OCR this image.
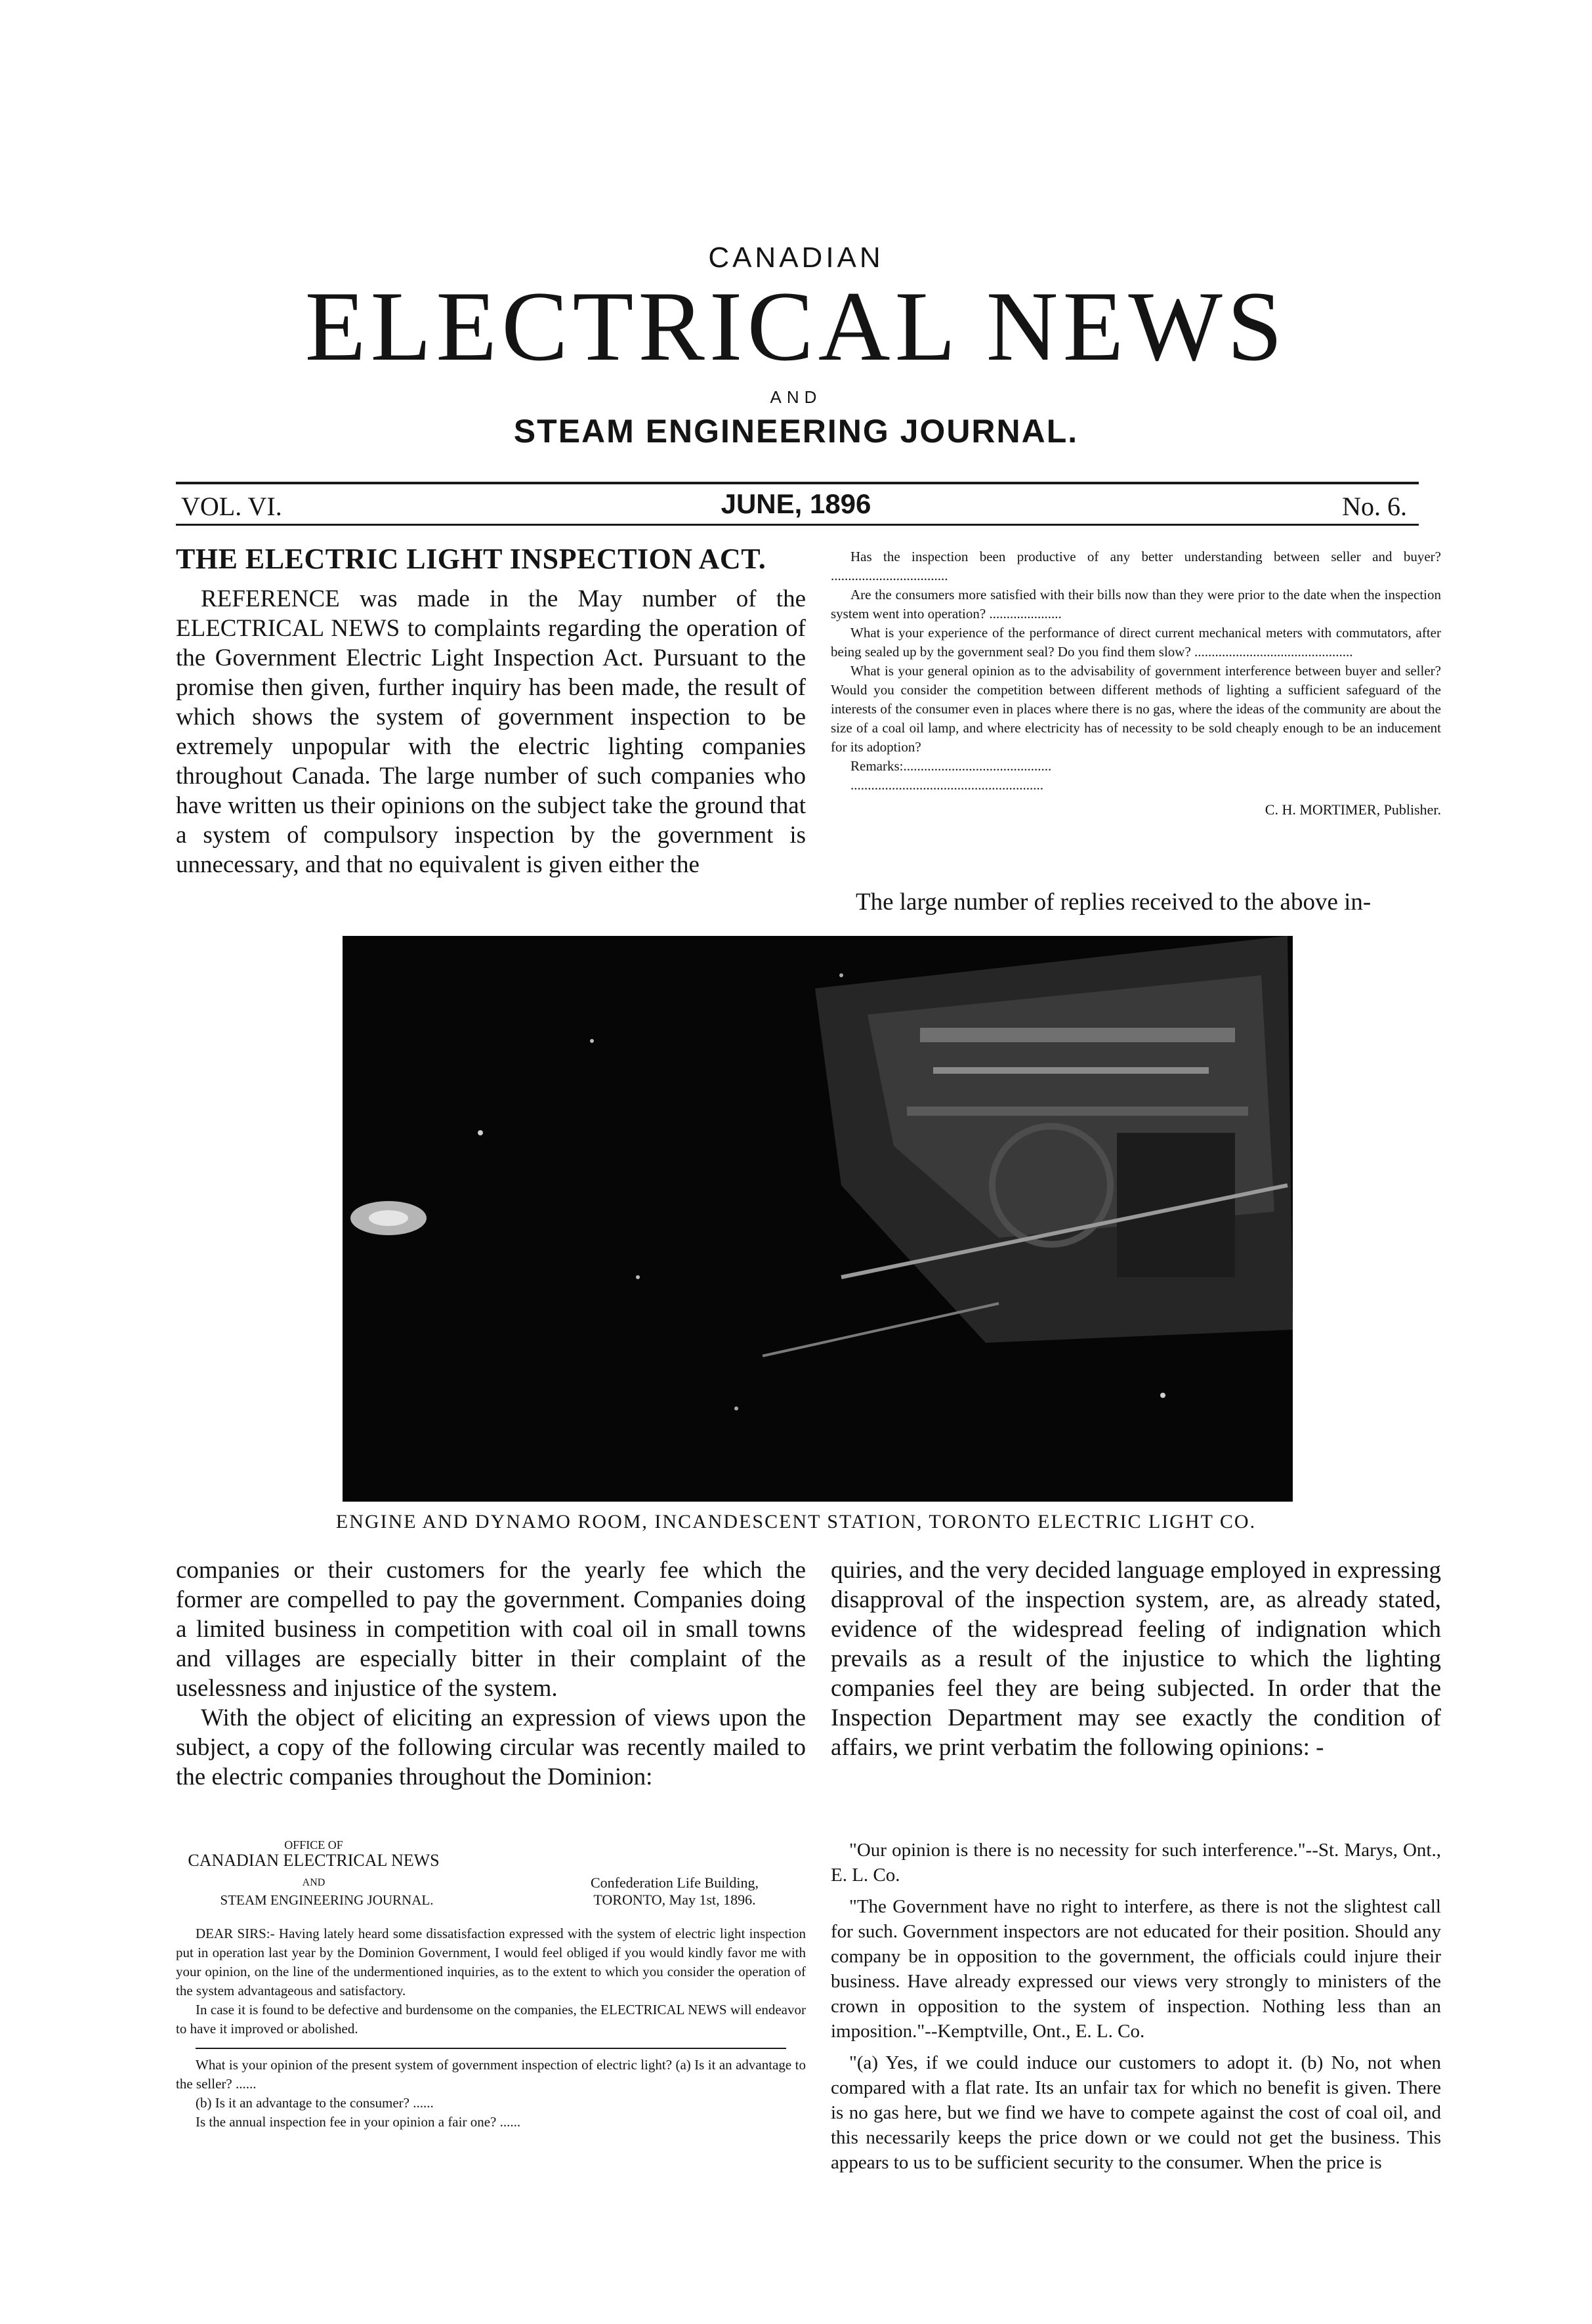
CANADIAN
ELECTRICAL NEWS
AND
STEAM ENGINEERING JOURNAL.
VOL. VI.	JUNE, 1896	No. 6.
THE ELECTRIC LIGHT INSPECTION ACT.

REFERENCE was made in the May number of the ELECTRICAL NEWS to complaints regarding the operation of the Government Electric Light Inspection Act. Pursuant to the promise then given, further inquiry has been made, the result of which shows the system of government inspection to be extremely unpopular with the electric lighting companies throughout Canada. The large number of such companies who have written us their opinions on the subject take the ground that a system of compulsory inspection by the government is unnecessary, and that no equivalent is given either the

Has the inspection been productive of any better understanding between seller and buyer? ..................................

Are the consumers more satisfied with their bills now than they were prior to the date when the inspection system went into operation? .....................

What is your experience of the performance of direct current mechanical meters with commutators, after being sealed up by the government seal? Do you find them slow? ..............................................

What is your general opinion as to the advisability of government interference between buyer and seller? Would you consider the competition between different methods of lighting a sufficient safeguard of the interests of the consumer even in places where there is no gas, where the ideas of the community are about the size of a coal oil lamp, and where electricity has of necessity to be sold cheaply enough to be an inducement for its adoption?

Remarks:...........................................

........................................................

C. H. MORTIMER, Publisher.

The large number of replies received to the above in-

ENGINE AND DYNAMO ROOM, INCANDESCENT STATION, TORONTO ELECTRIC LIGHT CO.

companies or their customers for the yearly fee which the former are compelled to pay the government. Companies doing a limited business in competition with coal oil in small towns and villages are especially bitter in their complaint of the uselessness and injustice of the system.

With the object of eliciting an expression of views upon the subject, a copy of the following circular was recently mailed to the electric companies throughout the Dominion:

OFFICE OF
CANADIAN ELECTRICAL NEWS
AND
STEAM ENGINEERING JOURNAL.
Confederation Life Building,
TORONTO, May 1st, 1896.

DEAR SIRS:- Having lately heard some dissatisfaction expressed with the system of electric light inspection put in operation last year by the Dominion Government, I would feel obliged if you would kindly favor me with your opinion, on the line of the undermentioned inquiries, as to the extent to which you consider the operation of the system advantageous and satisfactory.

In case it is found to be defective and burdensome on the companies, the ELECTRICAL NEWS will endeavor to have it improved or abolished.

What is your opinion of the present system of government inspection of electric light? (a) Is it an advantage to the seller? ......

(b) Is it an advantage to the consumer? ......

Is the annual inspection fee in your opinion a fair one? ......

quiries, and the very decided language employed in expressing disapproval of the inspection system, are, as already stated, evidence of the widespread feeling of indignation which prevails as a result of the injustice to which the lighting companies feel they are being subjected. In order that the Inspection Department may see exactly the condition of affairs, we print verbatim the following opinions: -

"Our opinion is there is no necessity for such interference."--St. Marys, Ont., E. L. Co.

"The Government have no right to interfere, as there is not the slightest call for such. Government inspectors are not educated for their position. Should any company be in opposition to the government, the officials could injure their business. Have already expressed our views very strongly to ministers of the crown in opposition to the system of inspection. Nothing less than an imposition."--Kemptville, Ont., E. L. Co.

"(a) Yes, if we could induce our customers to adopt it. (b) No, not when compared with a flat rate. Its an unfair tax for which no benefit is given. There is no gas here, but we find we have to compete against the cost of coal oil, and this necessarily keeps the price down or we could not get the business. This appears to us to be sufficient security to the consumer. When the price is
